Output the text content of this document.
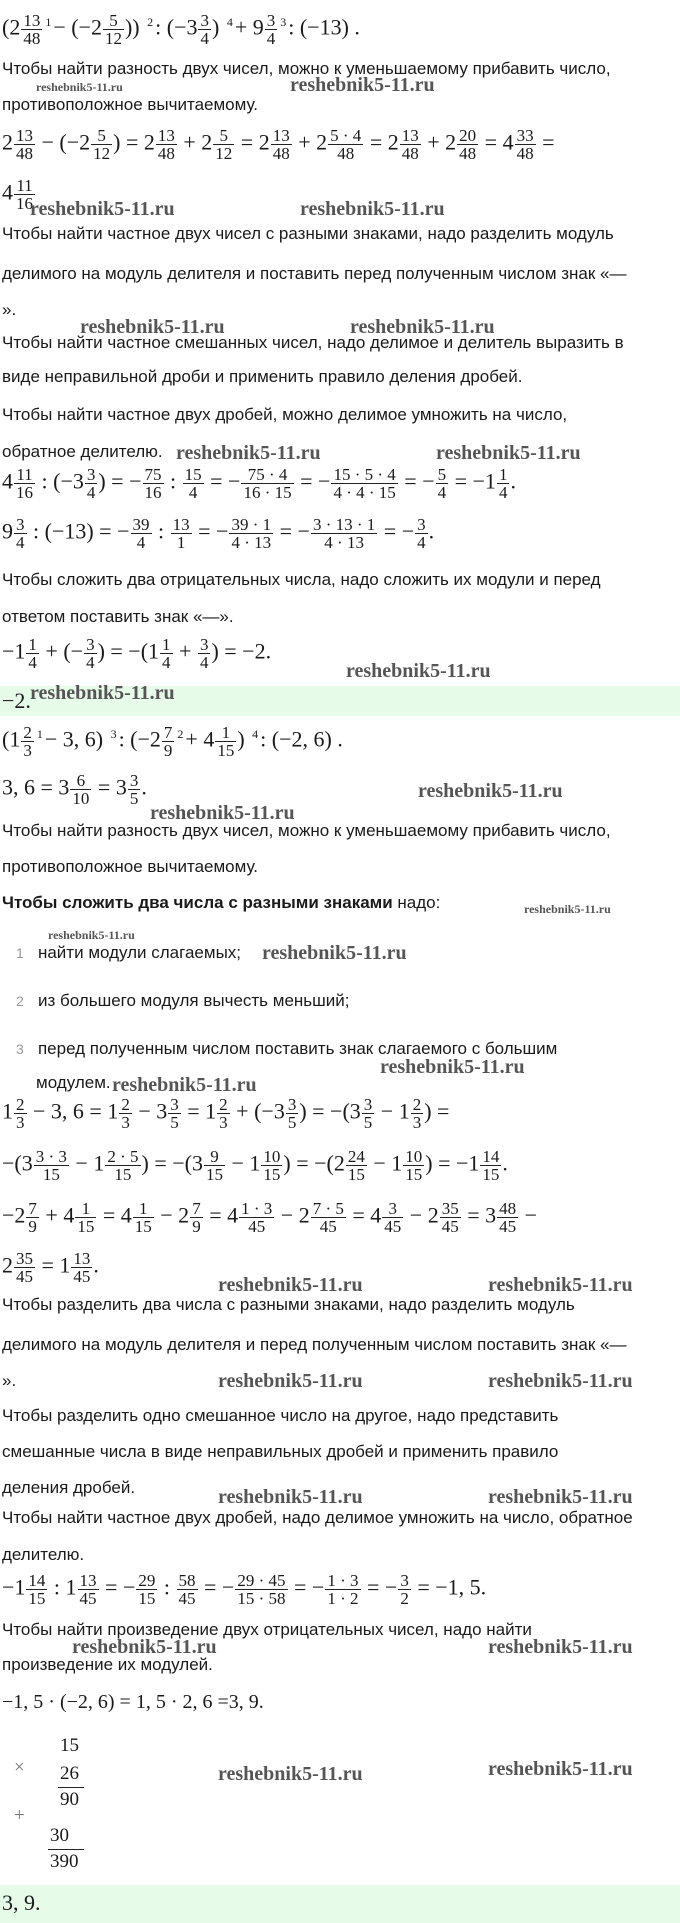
($2 \frac{13}{48} ^1- (-2 \frac{5}{12}$ )) $^2$: ($-3 \frac{3}{4}$ ) $^4+ 9 \frac{3}{4} ^3$: (−13) .
Чтобы найти разность двух чисел, можно к уменьшаемому прибавить число,
противоположное вычитаемому.
$2 \frac{13}{48} - (-2 \frac{5}{12}$ ) = $2 \frac{13}{48} + 2 \frac{5}{12} = 2 \frac{13}{48} + 2 \frac{5 \cdot 4}{48} = 2 \frac{13}{48} + 2 \frac{20}{48} = 4 \frac{33}{48}$ =
$4 \frac{11}{16}$
Чтобы найти частное двух чисел с разными знаками, надо разделить модуль
делимого на модуль делителя и поставить перед полученным числом знак «—
».
Чтобы найти частное смешанных чисел, надо делимое и делитель выразить в
виде неправильной дроби и применить правило деления дробей.
Чтобы найти частное двух дробей, можно делимое умножить на число,
обратное делителю.
$4 \frac{11}{16}$ : ($-3 \frac{3}{4}$ ) = − $\frac{75}{16}$ : $\frac{15}{4}$ = − $\frac{75 \cdot 4}{16 \cdot 15}$ = − $\frac{15 \cdot 5 \cdot 4}{4 \cdot 4 \cdot 15}$ = − $\frac{5}{4} = -1 \frac{1}{4}$ .
$9 \frac{3}{4}$ : (−13) = − $\frac{39}{4}$ : $\frac{13}{1}$ = − $\frac{39 \cdot 1}{4 \cdot 13}$ = − $\frac{3 \cdot 13 \cdot 1}{4 \cdot 13}$ = − $\frac{3}{4}$ .
Чтобы сложить два отрицательных числа, надо сложить их модули и перед
ответом поставить знак «—».
$-1 \frac{1}{4}$ + (− $\frac{3}{4}$ ) = $-(1 \frac{1}{4} + \frac{3}{4}$ ) = −2.
−2.
($1 \frac{2}{3} ^1- 3$, 6) $^3$: ($-2 \frac{7}{9} ^2+ 4 \frac{1}{15}$ ) $^4$: (−2, 6) .
3, $6 = 3 \frac{6}{10} = 3 \frac{3}{5}$ .
Чтобы найти разность двух чисел, можно к уменьшаемому прибавить число,
противоположное вычитаемому.
Чтобы сложить два числа с разными знаками надо:
1 найти модули слагаемых;
2 из большего модуля вычесть меньший;
3 перед полученным числом поставить знак слагаемого с большим
модулем.
$1 \frac{2}{3} - 3$, $6 = 1 \frac{2}{3} - 3 \frac{3}{5} = 1 \frac{2}{3} + (-3 \frac{3}{5}$ ) = $-(3 \frac{3}{5} - 1 \frac{2}{3}$ ) =
$-(3 \frac{3 \cdot 3}{15} - 1 \frac{2 \cdot 5}{15}$ ) = $-(3 \frac{9}{15} - 1 \frac{10}{15}$ ) = $-(2 \frac{24}{15} - 1 \frac{10}{15}$ ) = $-1 \frac{14}{15}$ .
$-2 \frac{7}{9} + 4 \frac{1}{15} = 4 \frac{1}{15} - 2 \frac{7}{9} = 4 \frac{1 \cdot 3}{45} - 2 \frac{7 \cdot 5}{45} = 4 \frac{3}{45} - 2 \frac{35}{45} = 3 \frac{48}{45}$ −
$2 \frac{35}{45} = 1 \frac{13}{45}$ .
Чтобы разделить два числа с разными знаками, надо разделить модуль
делимого на модуль делителя и перед полученным числом поставить знак «—
».
Чтобы разделить одно смешанное число на другое, надо представить
смешанные числа в виде неправильных дробей и применить правило
деления дробей.
Чтобы найти частное двух дробей, надо делимое умножить на число, обратное
делителю.
$-1 \frac{14}{15}$ : $1 \frac{13}{45}$ = − $\frac{29}{15}$ : $\frac{58}{45}$ = − $\frac{29 \cdot 45}{15 \cdot 58}$ = − $\frac{1 \cdot 3}{1 \cdot 2}$ = − $\frac{3}{2} = -1$, 5.
Чтобы найти произведение двух отрицательных чисел, надо найти
произведение их модулей.
−1, 5 · (−2, 6) = 1, 5 · 2, 6 =3, 9.
×
15
26
90
+
30
390
3, 9.
reshebnik5-11.ru
reshebnik5-11.ru
reshebnik5-11.ru	reshebnik5-11.ru
reshebnik5-11.ru	reshebnik5-11.ru
reshebnik5-11.ru	reshebnik5-11.ru
reshebnik5-11.ru
reshebnik5-11.ru
reshebnik5-11.ru
reshebnik5-11.ru
reshebnik5-11.ru
reshebnik5-11.ru
reshebnik5-11.ru
reshebnik5-11.ru
reshebnik5-11.ru
reshebnik5-11.ru	reshebnik5-11.ru
reshebnik5-11.ru	reshebnik5-11.ru
reshebnik5-11.ru	reshebnik5-11.ru
reshebnik5-11.ru	reshebnik5-11.ru
reshebnik5-11.ru	reshebnik5-11.ru
